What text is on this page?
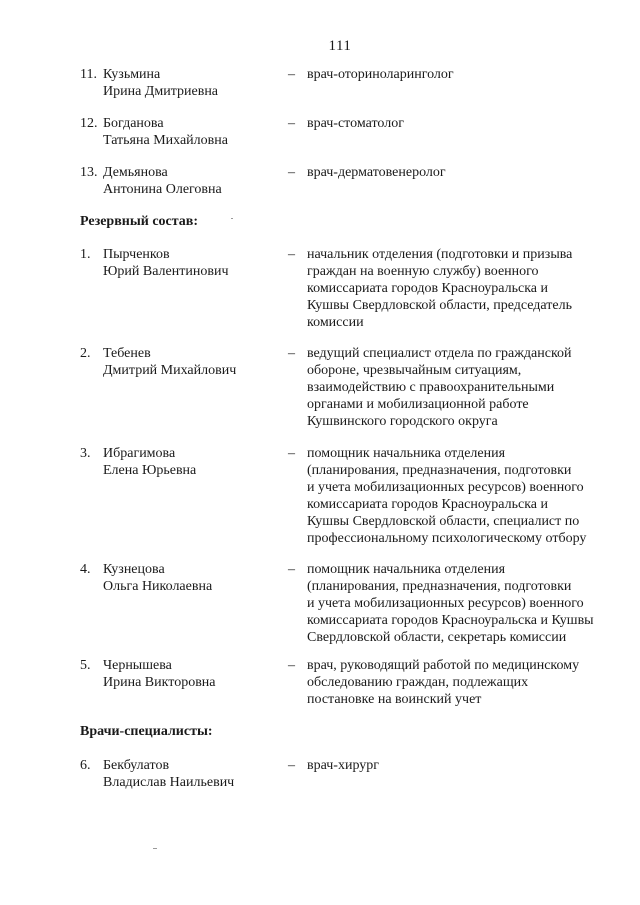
111
11. Кузьмина
Ирина Дмитриевна
– врач-оториноларинголог
12. Богданова
Татьяна Михайловна
– врач-стоматолог
13. Демьянова
Антонина Олеговна
– врач-дерматовенеролог
Резервный состав:
1. Пырченков
Юрий Валентинович
– начальник отделения (подготовки и призыва
граждан на военную службу) военного
комиссариата городов Красноуральска и
Кушвы Свердловской области, председатель
комиссии
2. Тебенев
Дмитрий Михайлович
– ведущий специалист отдела по гражданской
обороне, чрезвычайным ситуациям,
взаимодействию с правоохранительными
органами и мобилизационной работе
Кушвинского городского округа
3. Ибрагимова
Елена Юрьевна
– помощник начальника отделения
(планирования, предназначения, подготовки
и учета мобилизационных ресурсов) военного
комиссариата городов Красноуральска и
Кушвы Свердловской области, специалист по
профессиональному психологическому отбору
4. Кузнецова
Ольга Николаевна
– помощник начальника отделения
(планирования, предназначения, подготовки
и учета мобилизационных ресурсов) военного
комиссариата городов Красноуральска и Кушвы
Свердловской области, секретарь комиссии
5. Чернышева
Ирина Викторовна
– врач, руководящий работой по медицинскому
обследованию граждан, подлежащих
постановке на воинский учет
Врачи-специалисты:
6. Бекбулатов
Владислав Наильевич
– врач-хирург
